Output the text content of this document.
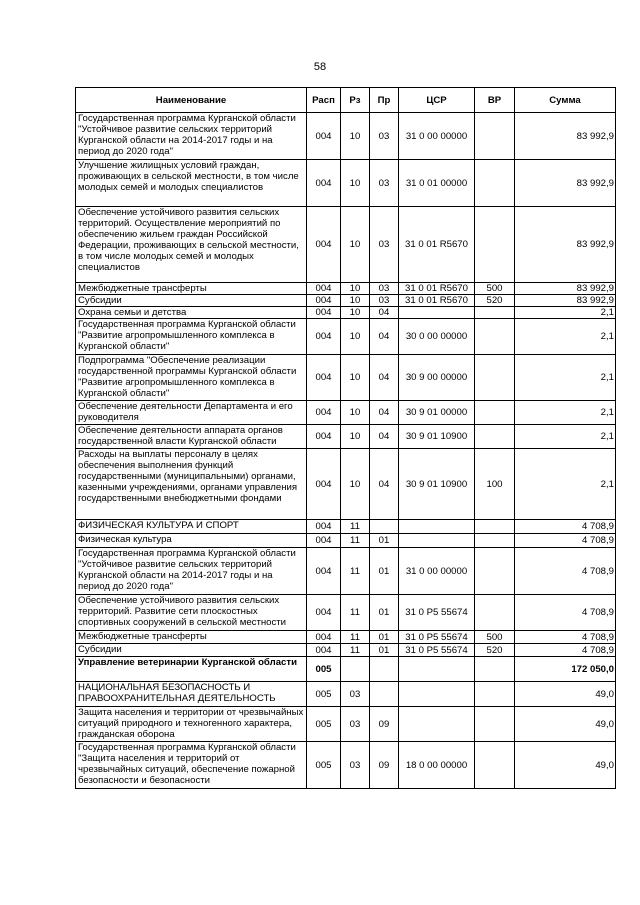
58
Наименование	Расп	Рз	Пр	ЦСР	ВР	Сумма
Государственная программа Курганской области "Устойчивое развитие сельских территорий Курганской области на 2014-2017 годы и на период до 2020 года"	004	10	03	31 0 00 00000		83 992,9
Улучшение жилищных условий граждан, проживающих в сельской местности, в том числе молодых семей и молодых специалистов	004	10	03	31 0 01 00000		83 992,9
Обеспечение устойчивого развития сельских территорий. Осуществление мероприятий по обеспечению жильем граждан Российской Федерации, проживающих в сельской местности, в том числе молодых семей и молодых специалистов	004	10	03	31 0 01 R5670		83 992,9
Межбюджетные трансферты	004	10	03	31 0 01 R5670	500	83 992,9
Субсидии	004	10	03	31 0 01 R5670	520	83 992,9
Охрана семьи и детства	004	10	04			2,1
Государственная программа Курганской области "Развитие агропромышленного комплекса в Курганской области"	004	10	04	30 0 00 00000		2,1
Подпрограмма "Обеспечение реализации государственной программы Курганской области "Развитие агропромышленного комплекса в Курганской области"	004	10	04	30 9 00 00000		2,1
Обеспечение деятельности Департамента и его руководителя	004	10	04	30 9 01 00000		2,1
Обеспечение деятельности аппарата органов государственной власти Курганской области	004	10	04	30 9 01 10900		2,1
Расходы на выплаты персоналу в целях обеспечения выполнения функций государственными (муниципальными) органами, казенными учреждениями, органами управления государственными внебюджетными фондами	004	10	04	30 9 01 10900	100	2,1
ФИЗИЧЕСКАЯ КУЛЬТУРА И СПОРТ	004	11				4 708,9
Физическая культура	004	11	01			4 708,9
Государственная программа Курганской области "Устойчивое развитие сельских территорий Курганской области на 2014-2017 годы и на период до 2020 года"	004	11	01	31 0 00 00000		4 708,9
Обеспечение устойчивого развития сельских территорий. Развитие сети плоскостных спортивных сооружений в сельской местности	004	11	01	31 0 P5 55674		4 708,9
Межбюджетные трансферты	004	11	01	31 0 P5 55674	500	4 708,9
Субсидии	004	11	01	31 0 P5 55674	520	4 708,9
Управление ветеринарии Курганской области	005					172 050,0
НАЦИОНАЛЬНАЯ БЕЗОПАСНОСТЬ И ПРАВООХРАНИТЕЛЬНАЯ ДЕЯТЕЛЬНОСТЬ	005	03				49,0
Защита населения и территории от чрезвычайных ситуаций природного и техногенного характера, гражданская оборона	005	03	09			49,0
Государственная программа Курганской области "Защита населения и территорий от чрезвычайных ситуаций, обеспечение пожарной безопасности и безопасности	005	03	09	18 0 00 00000		49,0
